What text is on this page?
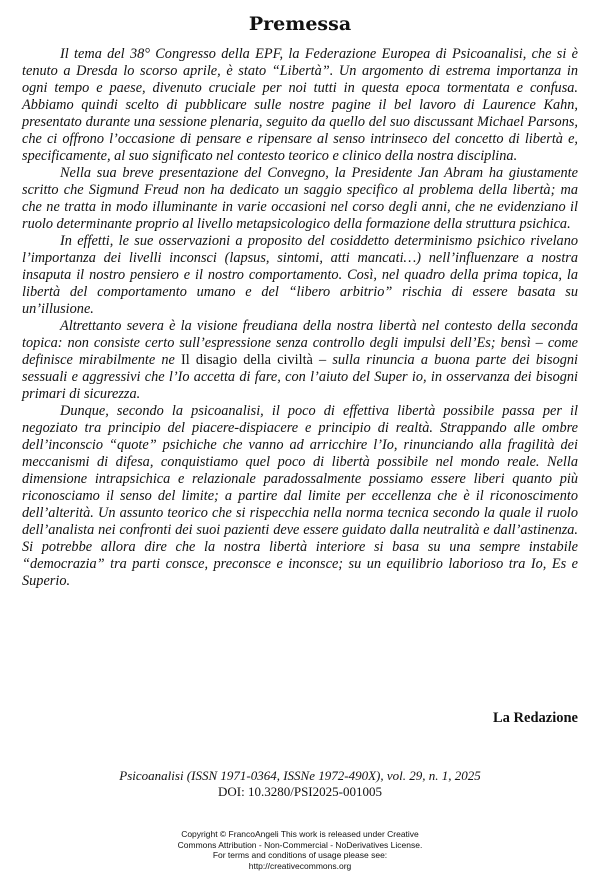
Premessa

Il tema del 38° Congresso della EPF, la Federazione Europea di Psicoanalisi, che si è tenuto a Dresda lo scorso aprile, è stato “Libertà”. Un argomento di estrema importanza in ogni tempo e paese, divenuto cruciale per noi tutti in questa epoca tormentata e confusa. Abbiamo quindi scelto di pubblicare sulle nostre pagine il bel lavoro di Laurence Kahn, presentato durante una sessione plenaria, seguito da quello del suo discussant Michael Parsons, che ci offrono l’occasione di pensare e ripensare al senso intrinseco del concetto di libertà e, specificamente, al suo significato nel contesto teorico e clinico della nostra disciplina.

Nella sua breve presentazione del Convegno, la Presidente Jan Abram ha giustamente scritto che Sigmund Freud non ha dedicato un saggio specifico al problema della libertà; ma che ne tratta in modo illuminante in varie occasioni nel corso degli anni, che ne evidenziano il ruolo determinante proprio al livello metapsicologico della formazione della struttura psichica.

In effetti, le sue osservazioni a proposito del cosiddetto determinismo psichico rivelano l’importanza dei livelli inconsci (lapsus, sintomi, atti mancati…) nell’influenzare a nostra insaputa il nostro pensiero e il nostro comportamento. Così, nel quadro della prima topica, la libertà del comportamento umano e del “libero arbitrio” rischia di essere basata su un’illusione.

Altrettanto severa è la visione freudiana della nostra libertà nel contesto della seconda topica: non consiste certo sull’espressione senza controllo degli impulsi dell’Es; bensì – come definisce mirabilmente ne Il disagio della civiltà – sulla rinuncia a buona parte dei bisogni sessuali e aggressivi che l’Io accetta di fare, con l’aiuto del Super io, in osservanza dei bisogni primari di sicurezza.

Dunque, secondo la psicoanalisi, il poco di effettiva libertà possibile passa per il negoziato tra principio del piacere-dispiacere e principio di realtà. Strappando alle ombre dell’inconscio “quote” psichiche che vanno ad arricchire l’Io, rinunciando alla fragilità dei meccanismi di difesa, conquistiamo quel poco di libertà possibile nel mondo reale. Nella dimensione intrapsichica e relazionale paradossalmente possiamo essere liberi quanto più riconosciamo il senso del limite; a partire dal limite per eccellenza che è il riconoscimento dell’alterità. Un assunto teorico che si rispecchia nella norma tecnica secondo la quale il ruolo dell’analista nei confronti dei suoi pazienti deve essere guidato dalla neutralità e dall’astinenza. Si potrebbe allora dire che la nostra libertà interiore si basa su una sempre instabile “democrazia” tra parti consce, preconsce e inconsce; su un equilibrio laborioso tra Io, Es e Superio.

La Redazione
Psicoanalisi (ISSN 1971-0364, ISSNe 1972-490X), vol. 29, n. 1, 2025
DOI: 10.3280/PSI2025-001005
Copyright © FrancoAngeli This work is released under Creative
Commons Attribution - Non-Commercial - NoDerivatives License.
For terms and conditions of usage please see:
http://creativecommons.org
